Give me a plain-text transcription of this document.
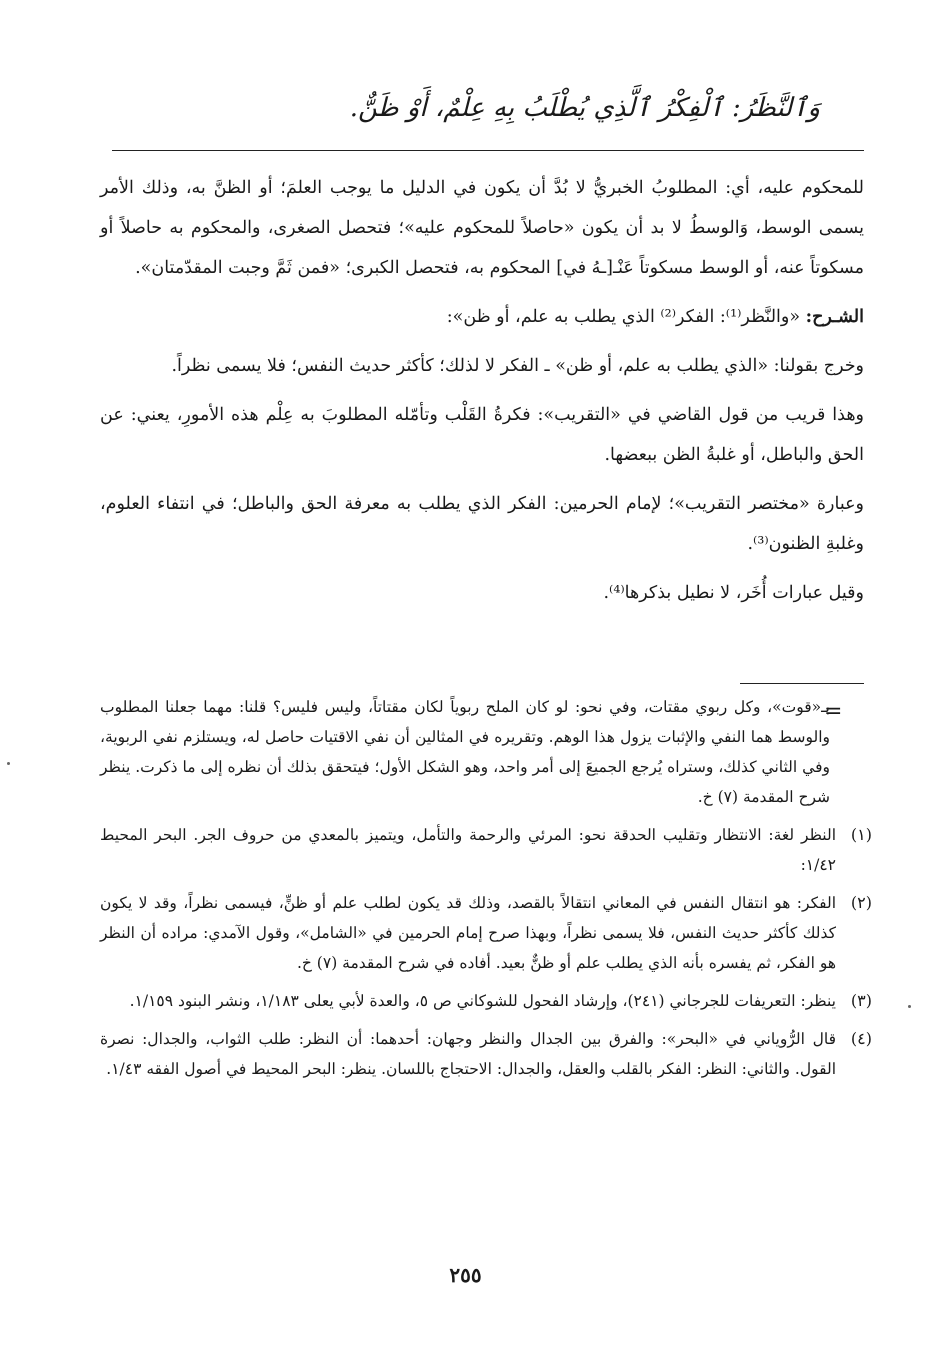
وَٱلنَّظَرُ: ٱلْفِكْرُ ٱلَّذِي يُطْلَبُ بِهِ عِلْمٌ، أَوْ ظَنٌّ.

للمحكوم عليه، أي: المطلوبُ الخبريُّ لا بُدَّ أن يكون في الدليل ما يوجب العلمَ؛ أو الظنَّ به، وذلك الأمر يسمى الوسط، وَالوسطُ لا بد أن يكون «حاصلاً للمحكوم عليه»؛ فتحصل الصغرى، والمحكوم به حاصلاً أو مسكوتاً عنه، أو الوسط مسكوتاً عَنْـ[ـهُ في] المحكوم به، فتحصل الكبرى؛ «فمن ثَمَّ وجبت المقدّمتان».

الشـرح: «والنَّظر⁽¹⁾: الفكر⁽²⁾ الذي يطلب به علم، أو ظن»:

وخرج بقولنا: «الذي يطلب به علم، أو ظن» ـ الفكر لا لذلك؛ كأكثر حديث النفس؛ فلا يسمى نظراً.

وهذا قريب من قول القاضي في «التقريب»: فكرةُ القَلْب وتأمّله المطلوبَ به عِلْم هذه الأمورِ، يعني: عن الحق والباطل، أو غلبةُ الظن ببعضها.

وعبارة «مختصر التقريب»؛ لإمام الحرمين: الفكر الذي يطلب به معرفة الحق والباطل؛ في انتفاء العلوم، وغلبةِ الظنون⁽³⁾.

وقيل عبارات أُخَر، لا نطيل بذكرها⁽⁴⁾.

=
بـ«قوت»، وكل ربوي مقتات، وفي نحو: لو كان الملح ربوياً لكان مقتاتاً، وليس فليس؟ قلنا: مهما جعلنا المطلوب والوسط هما النفي والإثبات يزول هذا الوهم. وتقريره في المثالين أن نفي الاقتيات حاصل له، ويستلزم نفي الربوية، وفي الثاني كذلك، وستراه يُرجع الجميعَ إلى أمر واحد، وهو الشكل الأول؛ فيتحقق بذلك أن نظره إلى ما ذكرت. ينظر شرح المقدمة (٧) خ.
(١)
النظر لغة: الانتظار وتقليب الحدقة نحو: المرئي والرحمة والتأمل، ويتميز بالمعدي من حروف الجر. البحر المحيط ١/٤٢:
(٢)
الفكر: هو انتقال النفس في المعاني انتقالاً بالقصد، وذلك قد يكون لطلب علم أو ظنٍّ، فيسمى نظراً، وقد لا يكون كذلك كأكثر حديث النفس، فلا يسمى نظراً، وبهذا صرح إمام الحرمين في «الشامل»، وقول الآمدي: مراده أن النظر هو الفكر، ثم يفسره بأنه الذي يطلب علم أو ظنٌّ بعيد. أفاده في شرح المقدمة (٧) خ.
(٣)
ينظر: التعريفات للجرجاني (٢٤١)، وإرشاد الفحول للشوكاني ص ٥، والعدة لأبي يعلى ١/١٨٣، ونشر البنود ١/١٥٩.
(٤)
قال الرُّوياني في «البحر»: والفرق بين الجدال والنظر وجهان: أحدهما: أن النظر: طلب الثواب، والجدال: نصرة القول. والثاني: النظر: الفكر بالقلب والعقل، والجدال: الاحتجاج باللسان. ينظر: البحر المحيط في أصول الفقه ١/٤٣.
٢٥٥
